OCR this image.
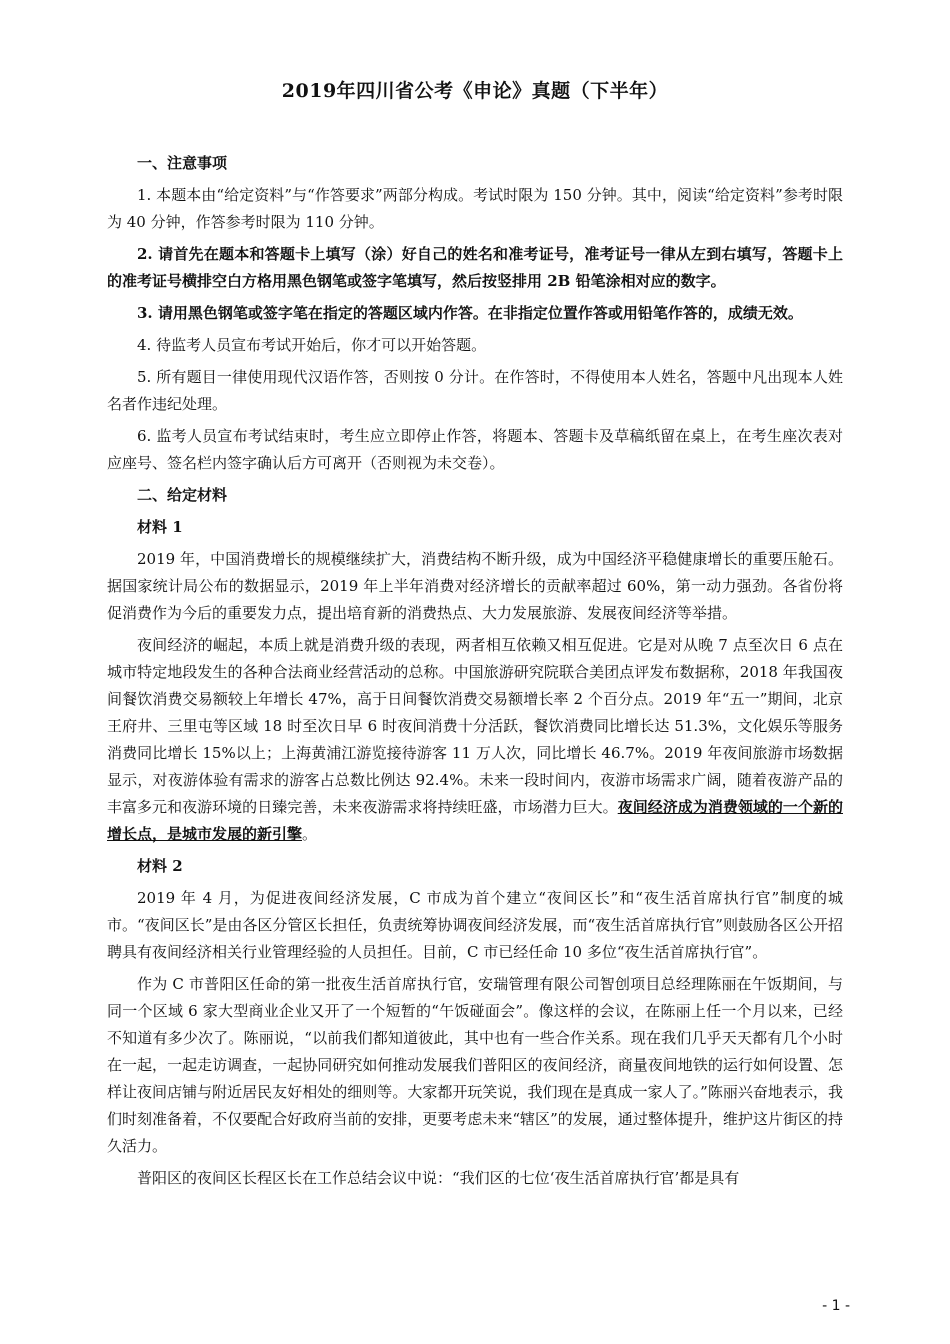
2019年四川省公考《申论》真题（下半年）
一、注意事项

1. 本题本由“给定资料”与“作答要求”两部分构成。考试时限为 150 分钟。其中，阅读“给定资料”参考时限为 40 分钟，作答参考时限为 110 分钟。

2. 请首先在题本和答题卡上填写（涂）好自己的姓名和准考证号，准考证号一律从左到右填写，答题卡上的准考证号横排空白方格用黑色钢笔或签字笔填写，然后按竖排用 2B 铅笔涂相对应的数字。

3. 请用黑色钢笔或签字笔在指定的答题区域内作答。在非指定位置作答或用铅笔作答的，成绩无效。

4. 待监考人员宣布考试开始后，你才可以开始答题。

5. 所有题目一律使用现代汉语作答，否则按 0 分计。在作答时，不得使用本人姓名，答题中凡出现本人姓名者作违纪处理。

6. 监考人员宣布考试结束时，考生应立即停止作答，将题本、答题卡及草稿纸留在桌上，在考生座次表对应座号、签名栏内签字确认后方可离开（否则视为未交卷）。

二、给定材料

材料 1

2019 年，中国消费增长的规模继续扩大，消费结构不断升级，成为中国经济平稳健康增长的重要压舱石。据国家统计局公布的数据显示，2019 年上半年消费对经济增长的贡献率超过 60%，第一动力强劲。各省份将促消费作为今后的重要发力点，提出培育新的消费热点、大力发展旅游、发展夜间经济等举措。

夜间经济的崛起，本质上就是消费升级的表现，两者相互依赖又相互促进。它是对从晚 7 点至次日 6 点在城市特定地段发生的各种合法商业经营活动的总称。中国旅游研究院联合美团点评发布数据称，2018 年我国夜间餐饮消费交易额较上年增长 47%，高于日间餐饮消费交易额增长率 2 个百分点。2019 年“五一”期间，北京王府井、三里屯等区域 18 时至次日早 6 时夜间消费十分活跃，餐饮消费同比增长达 51.3%，文化娱乐等服务消费同比增长 15%以上；上海黄浦江游览接待游客 11 万人次，同比增长 46.7%。2019 年夜间旅游市场数据显示，对夜游体验有需求的游客占总数比例达 92.4%。未来一段时间内，夜游市场需求广阔，随着夜游产品的丰富多元和夜游环境的日臻完善，未来夜游需求将持续旺盛，市场潜力巨大。夜间经济成为消费领域的一个新的增长点，是城市发展的新引擎。

材料 2

2019 年 4 月，为促进夜间经济发展，C 市成为首个建立“夜间区长”和“夜生活首席执行官”制度的城市。“夜间区长”是由各区分管区长担任，负责统筹协调夜间经济发展，而“夜生活首席执行官”则鼓励各区公开招聘具有夜间经济相关行业管理经验的人员担任。目前，C 市已经任命 10 多位“夜生活首席执行官”。

作为 C 市普阳区任命的第一批夜生活首席执行官，安瑞管理有限公司智创项目总经理陈丽在午饭期间，与同一个区域 6 家大型商业企业又开了一个短暂的“午饭碰面会”。像这样的会议，在陈丽上任一个月以来，已经不知道有多少次了。陈丽说，“以前我们都知道彼此，其中也有一些合作关系。现在我们几乎天天都有几个小时在一起，一起走访调查，一起协同研究如何推动发展我们普阳区的夜间经济，商量夜间地铁的运行如何设置、怎样让夜间店铺与附近居民友好相处的细则等。大家都开玩笑说，我们现在是真成一家人了。”陈丽兴奋地表示，我们时刻准备着，不仅要配合好政府当前的安排，更要考虑未来“辖区”的发展，通过整体提升，维护这片街区的持久活力。

普阳区的夜间区长程区长在工作总结会议中说：“我们区的七位‘夜生活首席执行官’都是具有

- 1 -
